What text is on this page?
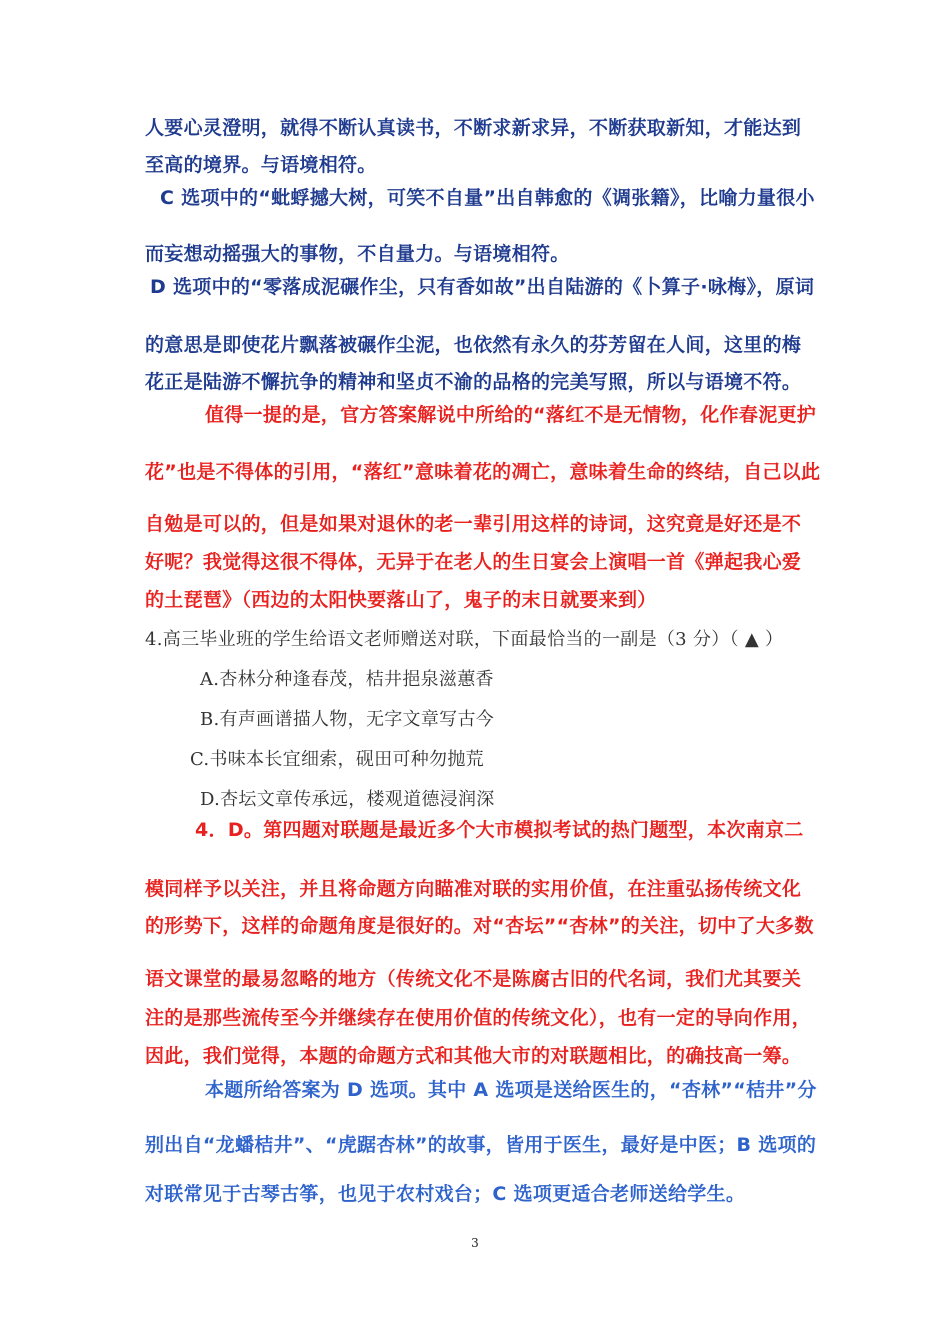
人要心灵澄明，就得不断认真读书，不断求新求异，不断获取新知，才能达到
至高的境界。与语境相符。
C 选项中的“蚍蜉撼大树，可笑不自量”出自韩愈的《调张籍》，比喻力量很小
而妄想动摇强大的事物，不自量力。与语境相符。
D 选项中的“零落成泥碾作尘，只有香如故”出自陆游的《卜算子·咏梅》，原词
的意思是即使花片飘落被碾作尘泥，也依然有永久的芬芳留在人间，这里的梅
花正是陆游不懈抗争的精神和坚贞不渝的品格的完美写照，所以与语境不符。
值得一提的是，官方答案解说中所给的“落红不是无情物，化作春泥更护
花”也是不得体的引用，“落红”意味着花的凋亡，意味着生命的终结，自己以此
自勉是可以的，但是如果对退休的老一辈引用这样的诗词，这究竟是好还是不
好呢？我觉得这很不得体，无异于在老人的生日宴会上演唱一首《弹起我心爱
的土琵琶》（西边的太阳快要落山了，鬼子的末日就要来到）
4.高三毕业班的学生给语文老师赠送对联，下面最恰当的一副是（3 分）（ ▲ ）
A.杏林分种逢春茂，桔井挹泉滋蕙香
B.有声画谱描人物，无字文章写古今
C.书味本长宜细索，砚田可种勿抛荒
D.杏坛文章传承远，楼观道德浸润深
4．D。第四题对联题是最近多个大市模拟考试的热门题型，本次南京二
模同样予以关注，并且将命题方向瞄准对联的实用价值，在注重弘扬传统文化
的形势下，这样的命题角度是很好的。对“杏坛”“杏林”的关注，切中了大多数
语文课堂的最易忽略的地方（传统文化不是陈腐古旧的代名词，我们尤其要关
注的是那些流传至今并继续存在使用价值的传统文化），也有一定的导向作用，
因此，我们觉得，本题的命题方式和其他大市的对联题相比，的确技高一筹。
本题所给答案为 D 选项。其中 A 选项是送给医生的，“杏林”“桔井”分
别出自“龙蟠桔井”、“虎踞杏林”的故事，皆用于医生，最好是中医；B 选项的
对联常见于古琴古筝，也见于农村戏台；C 选项更适合老师送给学生。
3
